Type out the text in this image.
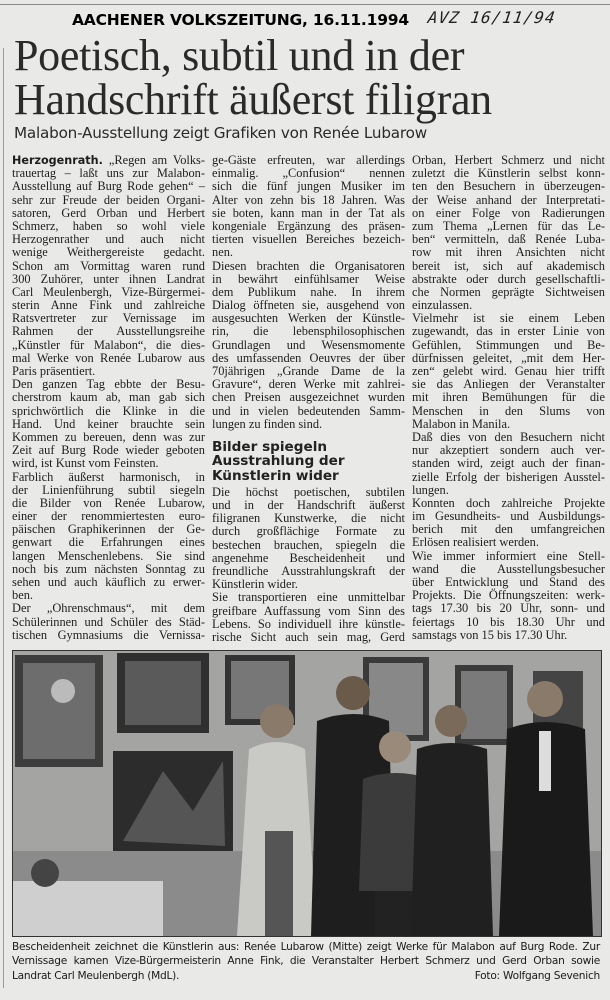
AACHENER VOLKSZEITUNG, 16.11.1994 AVZ 16/11/94
Poetisch, subtil und in der
Handschrift äußerst filigran
Malabon-Ausstellung zeigt Grafiken von Renée Lubarow
Herzogenrath. „Regen am Volks-
trauertag – laßt uns zur Malabon-
Ausstellung auf Burg Rode gehen“ –
sehr zur Freude der beiden Organi-
satoren, Gerd Orban und Herbert
Schmerz, haben so wohl viele
Herzogenrather und auch nicht
wenige Weithergereiste gedacht.
Schon am Vormittag waren rund
300 Zuhörer, unter ihnen Landrat
Carl Meulenbergh, Vize-Bürgermei-
sterin Anne Fink und zahlreiche
Ratsvertreter zur Vernissage im
Rahmen der Ausstellungsreihe
„Künstler für Malabon“, die dies-
mal Werke von Renée Lubarow aus
Paris präsentiert.
Den ganzen Tag ebbte der Besu-
cherstrom kaum ab, man gab sich
sprichwörtlich die Klinke in die
Hand. Und keiner brauchte sein
Kommen zu bereuen, denn was zur
Zeit auf Burg Rode wieder geboten
wird, ist Kunst vom Feinsten.
Farblich äußerst harmonisch, in
der Linienführung subtil siegeln
die Bilder von Renée Lubarow,
einer der renommiertesten euro-
päischen Graphikerinnen der Ge-
genwart die Erfahrungen eines
langen Menschenlebens. Sie sind
noch bis zum nächsten Sonntag zu
sehen und auch käuflich zu erwer-
ben.
Der „Ohrenschmaus“, mit dem
Schülerinnen und Schüler des Städ-
tischen Gymnasiums die Vernissa-
ge-Gäste erfreuten, war allerdings
einmalig. „Confusion“ nennen
sich die fünf jungen Musiker im
Alter von zehn bis 18 Jahren. Was
sie boten, kann man in der Tat als
kongeniale Ergänzung des präsen-
tierten visuellen Bereiches bezeich-
nen.
Diesen brachten die Organisatoren
in bewährt einfühlsamer Weise
dem Publikum nahe. In ihrem
Dialog öffneten sie, ausgehend von
ausgesuchten Werken der Künstle-
rin, die lebensphilosophischen
Grundlagen und Wesensmomente
des umfassenden Oeuvres der über
70jährigen „Grande Dame de la
Gravure“, deren Werke mit zahlrei-
chen Preisen ausgezeichnet wurden
und in vielen bedeutenden Samm-
lungen zu finden sind.
Bilder spiegeln
Ausstrahlung der
Künstlerin wider
Die höchst poetischen, subtilen
und in der Handschrift äußerst
filigranen Kunstwerke, die nicht
durch großflächige Formate zu
bestechen brauchen, spiegeln die
angenehme Bescheidenheit und
freundliche Ausstrahlungskraft der
Künstlerin wider.
Sie transportieren eine unmittelbar
greifbare Auffassung vom Sinn des
Lebens. So individuell ihre künstle-
rische Sicht auch sein mag, Gerd
Orban, Herbert Schmerz und nicht
zuletzt die Künstlerin selbst konn-
ten den Besuchern in überzeugen-
der Weise anhand der Interpretati-
on einer Folge von Radierungen
zum Thema „Lernen für das Le-
ben“ vermitteln, daß Renée Luba-
row mit ihren Ansichten nicht
bereit ist, sich auf akademisch
abstrakte oder durch gesellschaftli-
che Normen geprägte Sichtweisen
einzulassen.
Vielmehr ist sie einem Leben
zugewandt, das in erster Linie von
Gefühlen, Stimmungen und Be-
dürfnissen geleitet, „mit dem Her-
zen“ gelebt wird. Genau hier trifft
sie das Anliegen der Veranstalter
mit ihren Bemühungen für die
Menschen in den Slums von
Malabon in Manila.
Daß dies von den Besuchern nicht
nur akzeptiert sondern auch ver-
standen wird, zeigt auch der finan-
zielle Erfolg der bisherigen Ausstel-
lungen.
Konnten doch zahlreiche Projekte
im Gesundheits- und Ausbildungs-
berich mit den umfangreichen
Erlösen realisiert werden.
Wie immer informiert eine Stell-
wand die Ausstellungsbesucher
über Entwicklung und Stand des
Projekts. Die Öffnungszeiten: werk-
tags 17.30 bis 20 Uhr, sonn- und
feiertags 10 bis 18.30 Uhr und
samstags von 15 bis 17.30 Uhr.
Bescheidenheit zeichnet die Künstlerin aus: Renée Lubarow (Mitte) zeigt Werke für Malabon auf Burg Rode. Zur
Vernissage kamen Vize-Bürgermeisterin Anne Fink, die Veranstalter Herbert Schmerz und Gerd Orban sowie
Landrat Carl Meulenbergh (MdL).	Foto: Wolfgang Sevenich
